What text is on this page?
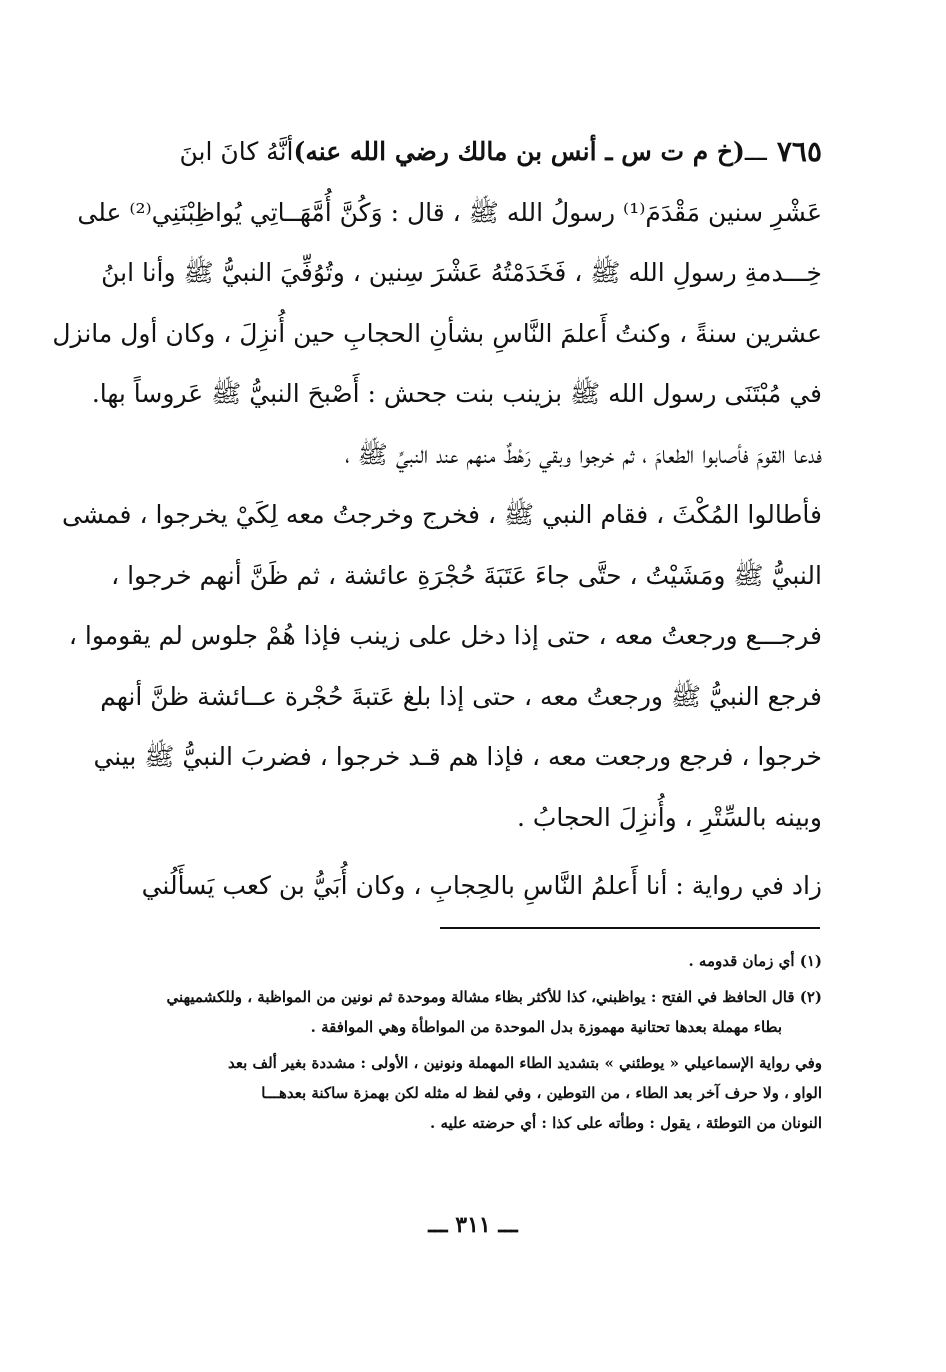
٧٦٥
ـــ
(خ م ت س ـ أنس بن مالك رضي الله عنه)
أنَّهُ كانَ ابنَ
عَشْرِ سنين مَقْدَمَ⁽¹⁾ رسولُ الله ﷺ ، قال : وَكُنَّ أُمَّهَــاتِي يُواظِبْنَنِي⁽²⁾ على
خِـــدمةِ رسولِ الله ﷺ ، فَخَدَمْتُهُ عَشْرَ سِنين ، وتُوُفِّيَ النبيُّ ﷺ وأنا ابنُ
عشرين سنةً ، وكنتُ أَعلمَ النَّاسِ بشأنِ الحجابِ حين أُنزِلَ ، وكان أول مانزل
في مُبْتَنَى رسول الله ﷺ بزينب بنت جحش : أَصْبحَ النبيُّ ﷺ عَروساً بها.
فدعا القومَ فأصابوا الطعامَ ، ثم خرجوا وبقي رَهْطٌ منهم عند النبيِّ ﷺ ،
فأطالوا المُكْثَ ، فقام النبي ﷺ ، فخرج وخرجتُ معه لِكَيْ يخرجوا ، فمشى
النبيُّ ﷺ ومَشَيْتُ ، حتَّى جاءَ عَتَبَةَ حُجْرَةِ عائشة ، ثم ظَنَّ أنهم خرجوا ،
فرجـــع ورجعتُ معه ، حتى إذا دخل على زينب فإذا هُمْ جلوس لم يقوموا ،
فرجع النبيُّ ﷺ ورجعتُ معه ، حتى إذا بلغ عَتبةَ حُجْرة عــائشة ظنَّ أنهم
خرجوا ، فرجع ورجعت معه ، فإذا هم قـد خرجوا ، فضربَ النبيُّ ﷺ بيني
وبينه بالسِّتْرِ ، وأُنزِلَ الحجابُ .
زاد في رواية : أنا أَعلمُ النَّاسِ بالحِجابِ ، وكان أُبَيُّ بن كعب يَسأَلُني
(١) أي زمان قدومه .
(٢) قال الحافظ في الفتح : يواظبني، كذا للأكثر بظاء مشالة وموحدة ثم نونين من المواظبة ، وللكشميهني
بطاء مهملة بعدها تحتانية مهموزة بدل الموحدة من المواطأة وهي الموافقة .
وفي رواية الإسماعيلي « يوطئني » بتشديد الطاء المهملة ونونين ، الأولى : مشددة بغير ألف بعد
الواو ، ولا حرف آخر بعد الطاء ، من التوطين ، وفي لفظ له مثله لكن بهمزة ساكنة بعدهـــا
النونان من التوطئة ، يقول : وطأته على كذا : أي حرضته عليه .
ـــ ٣١١ ـــ
